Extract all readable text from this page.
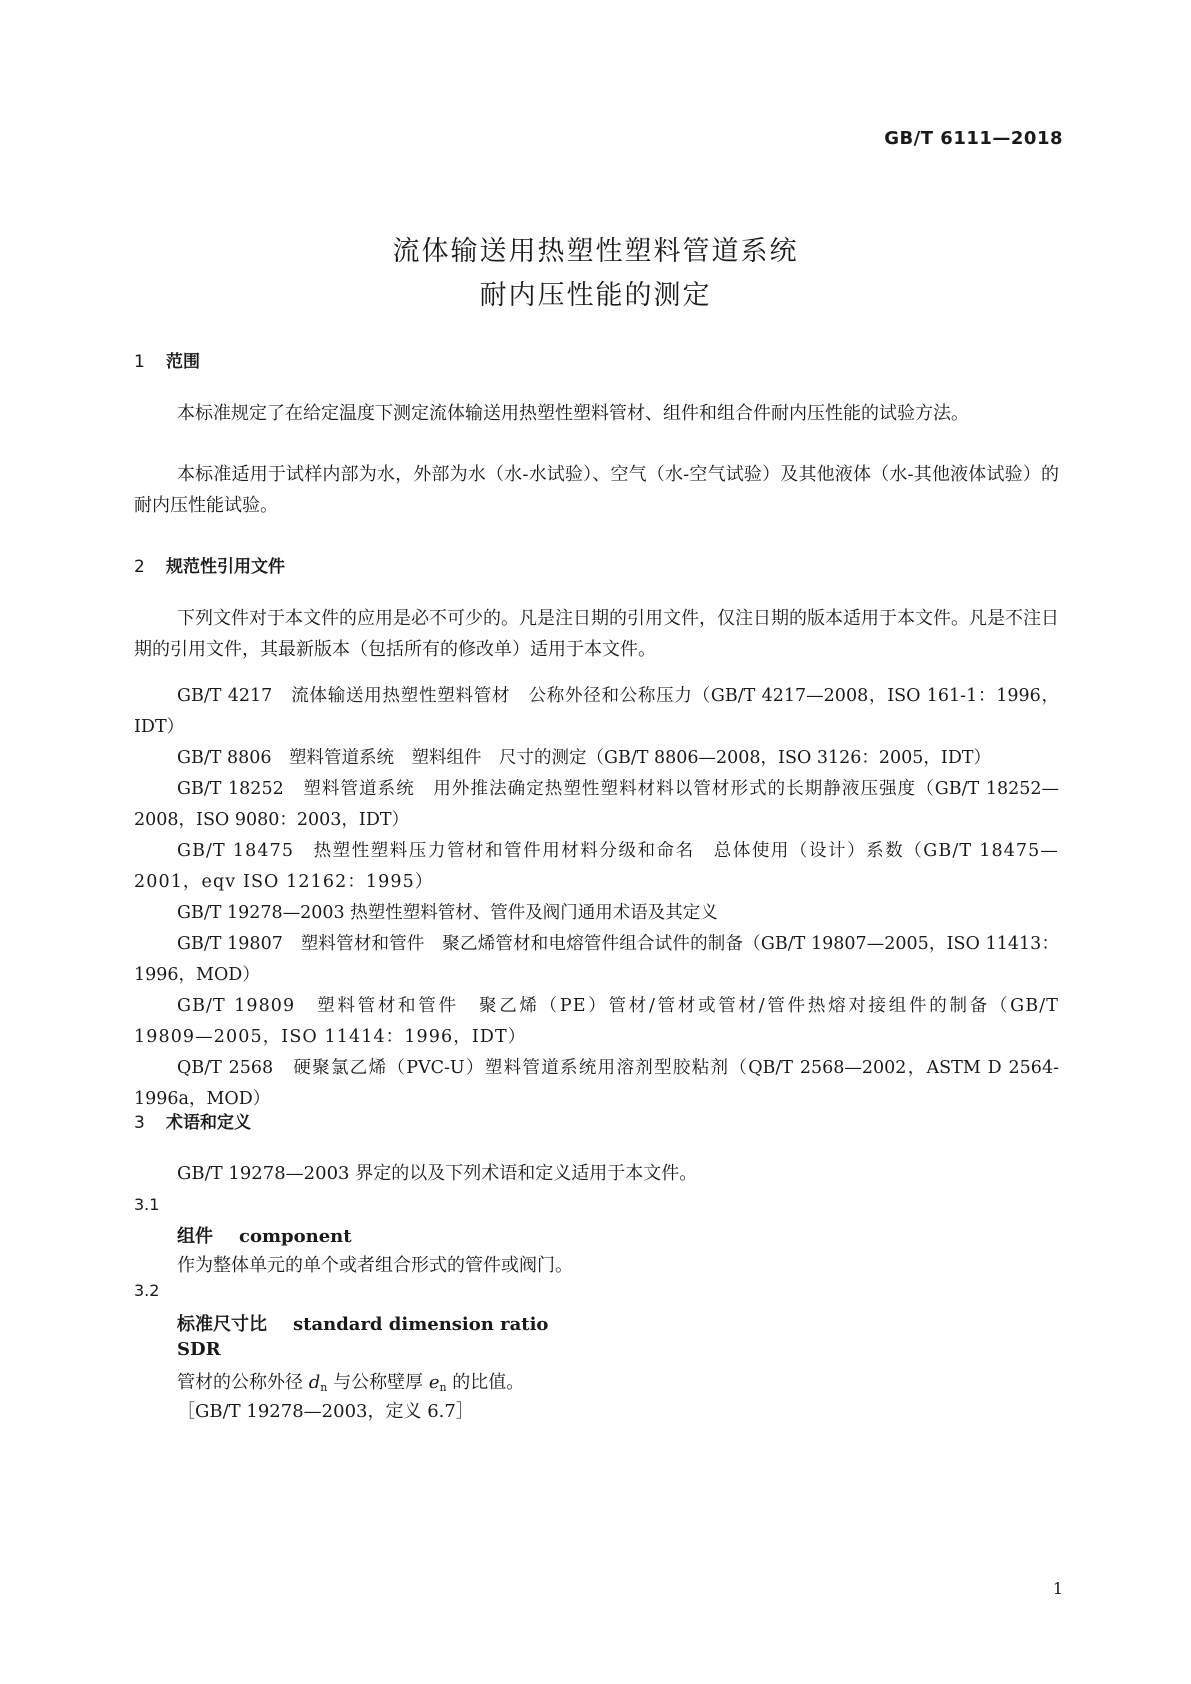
GB/T 6111—2018
流体输送用热塑性塑料管道系统
耐内压性能的测定
1 范围
本标准规定了在给定温度下测定流体输送用热塑性塑料管材、组件和组合件耐内压性能的试验方法。
本标准适用于试样内部为水，外部为水（水-水试验）、空气（水-空气试验）及其他液体（水-其他液体试验）的耐内压性能试验。
2 规范性引用文件
下列文件对于本文件的应用是必不可少的。凡是注日期的引用文件，仅注日期的版本适用于本文件。凡是不注日期的引用文件，其最新版本（包括所有的修改单）适用于本文件。

GB/T 4217　流体输送用热塑性塑料管材　公称外径和公称压力（GB/T 4217—2008，ISO 161-1：1996，IDT）

GB/T 8806　塑料管道系统　塑料组件　尺寸的测定（GB/T 8806—2008，ISO 3126：2005，IDT）

GB/T 18252　塑料管道系统　用外推法确定热塑性塑料材料以管材形式的长期静液压强度（GB/T 18252—2008，ISO 9080：2003，IDT）

GB/T 18475　热塑性塑料压力管材和管件用材料分级和命名　总体使用（设计）系数（GB/T 18475—2001，eqv ISO 12162：1995）

GB/T 19278—2003 热塑性塑料管材、管件及阀门通用术语及其定义

GB/T 19807　塑料管材和管件　聚乙烯管材和电熔管件组合试件的制备（GB/T 19807—2005，ISO 11413：1996，MOD）

GB/T 19809　塑料管材和管件　聚乙烯（PE）管材/管材或管材/管件热熔对接组件的制备（GB/T 19809—2005，ISO 11414：1996，IDT）

QB/T 2568　硬聚氯乙烯（PVC-U）塑料管道系统用溶剂型胶粘剂（QB/T 2568—2002，ASTM D 2564-1996a，MOD）

3 术语和定义
GB/T 19278—2003 界定的以及下列术语和定义适用于本文件。
3.1
组件 component
作为整体单元的单个或者组合形式的管件或阀门。
3.2
标准尺寸比 standard dimension ratio
SDR
管材的公称外径 $d_n$ 与公称壁厚 $e_n$ 的比值。
［GB/T 19278—2003，定义 6.7］
1
